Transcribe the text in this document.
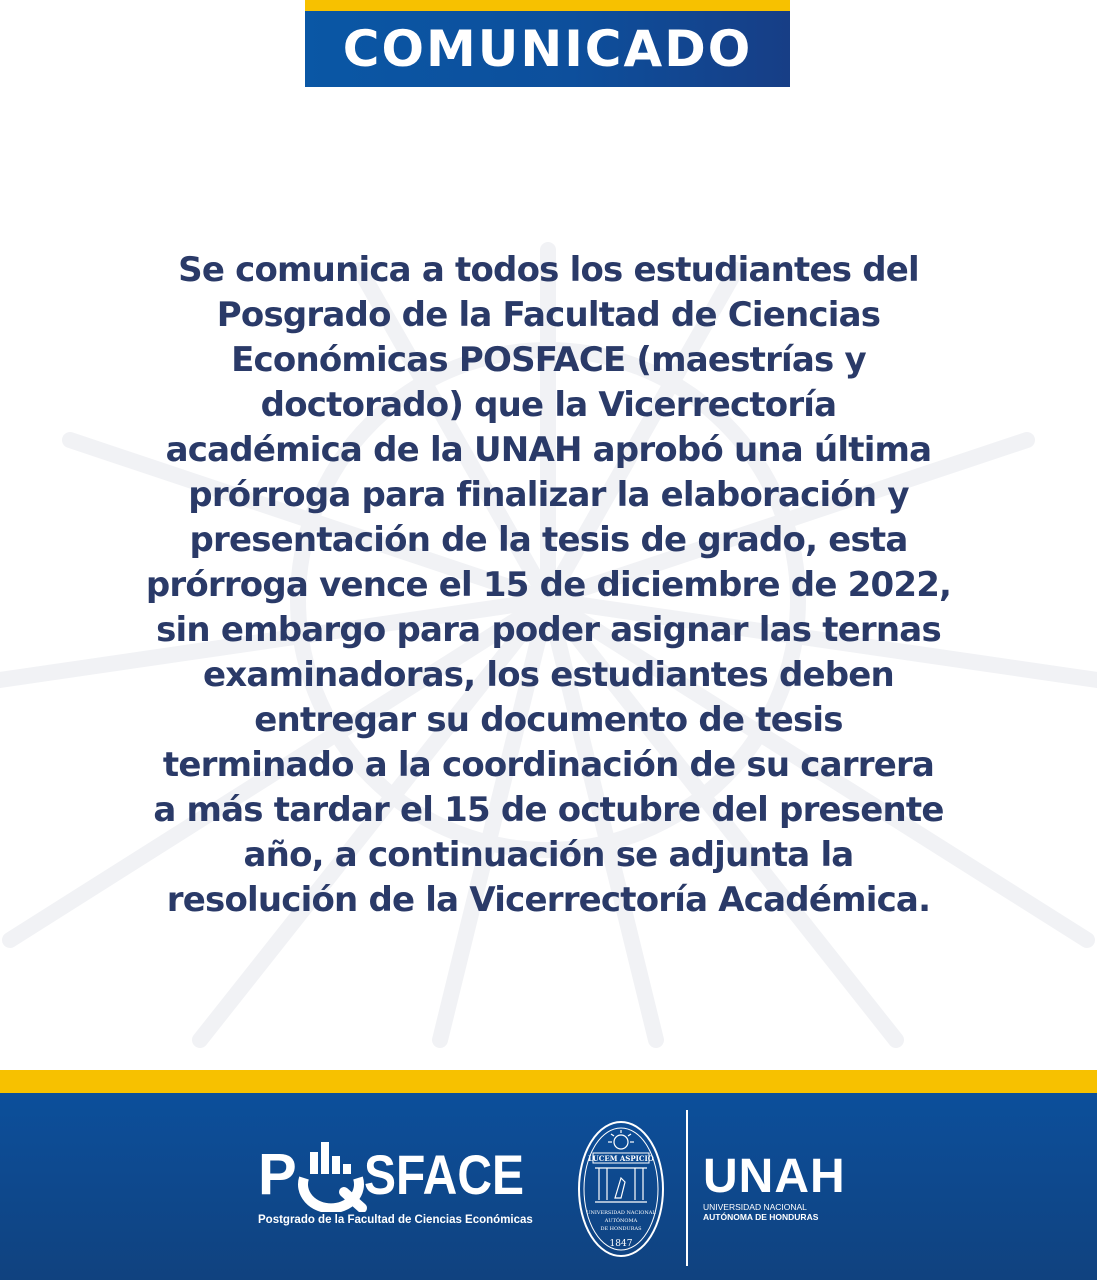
COMUNICADO
Se comunica a todos los estudiantes del
Posgrado de la Facultad de Ciencias
Económicas POSFACE (maestrías y
doctorado) que la Vicerrectoría
académica de la UNAH aprobó una última
prórroga para finalizar la elaboración y
presentación de la tesis de grado, esta
prórroga vence el 15 de diciembre de 2022,
sin embargo para poder asignar las ternas
examinadoras, los estudiantes deben
entregar su documento de tesis
terminado a la coordinación de su carrera
a más tardar el 15 de octubre del presente
año, a continuación se adjunta la
resolución de la Vicerrectoría Académica.
P SFACE
Postgrado de la Facultad de Ciencias Económicas
LUCEM ASPICIO
UNIVERSIDAD NACIONAL
AUTÓNOMA
DE HONDURAS
1847
UNAH
UNIVERSIDAD NACIONAL
AUTÓNOMA DE HONDURAS
